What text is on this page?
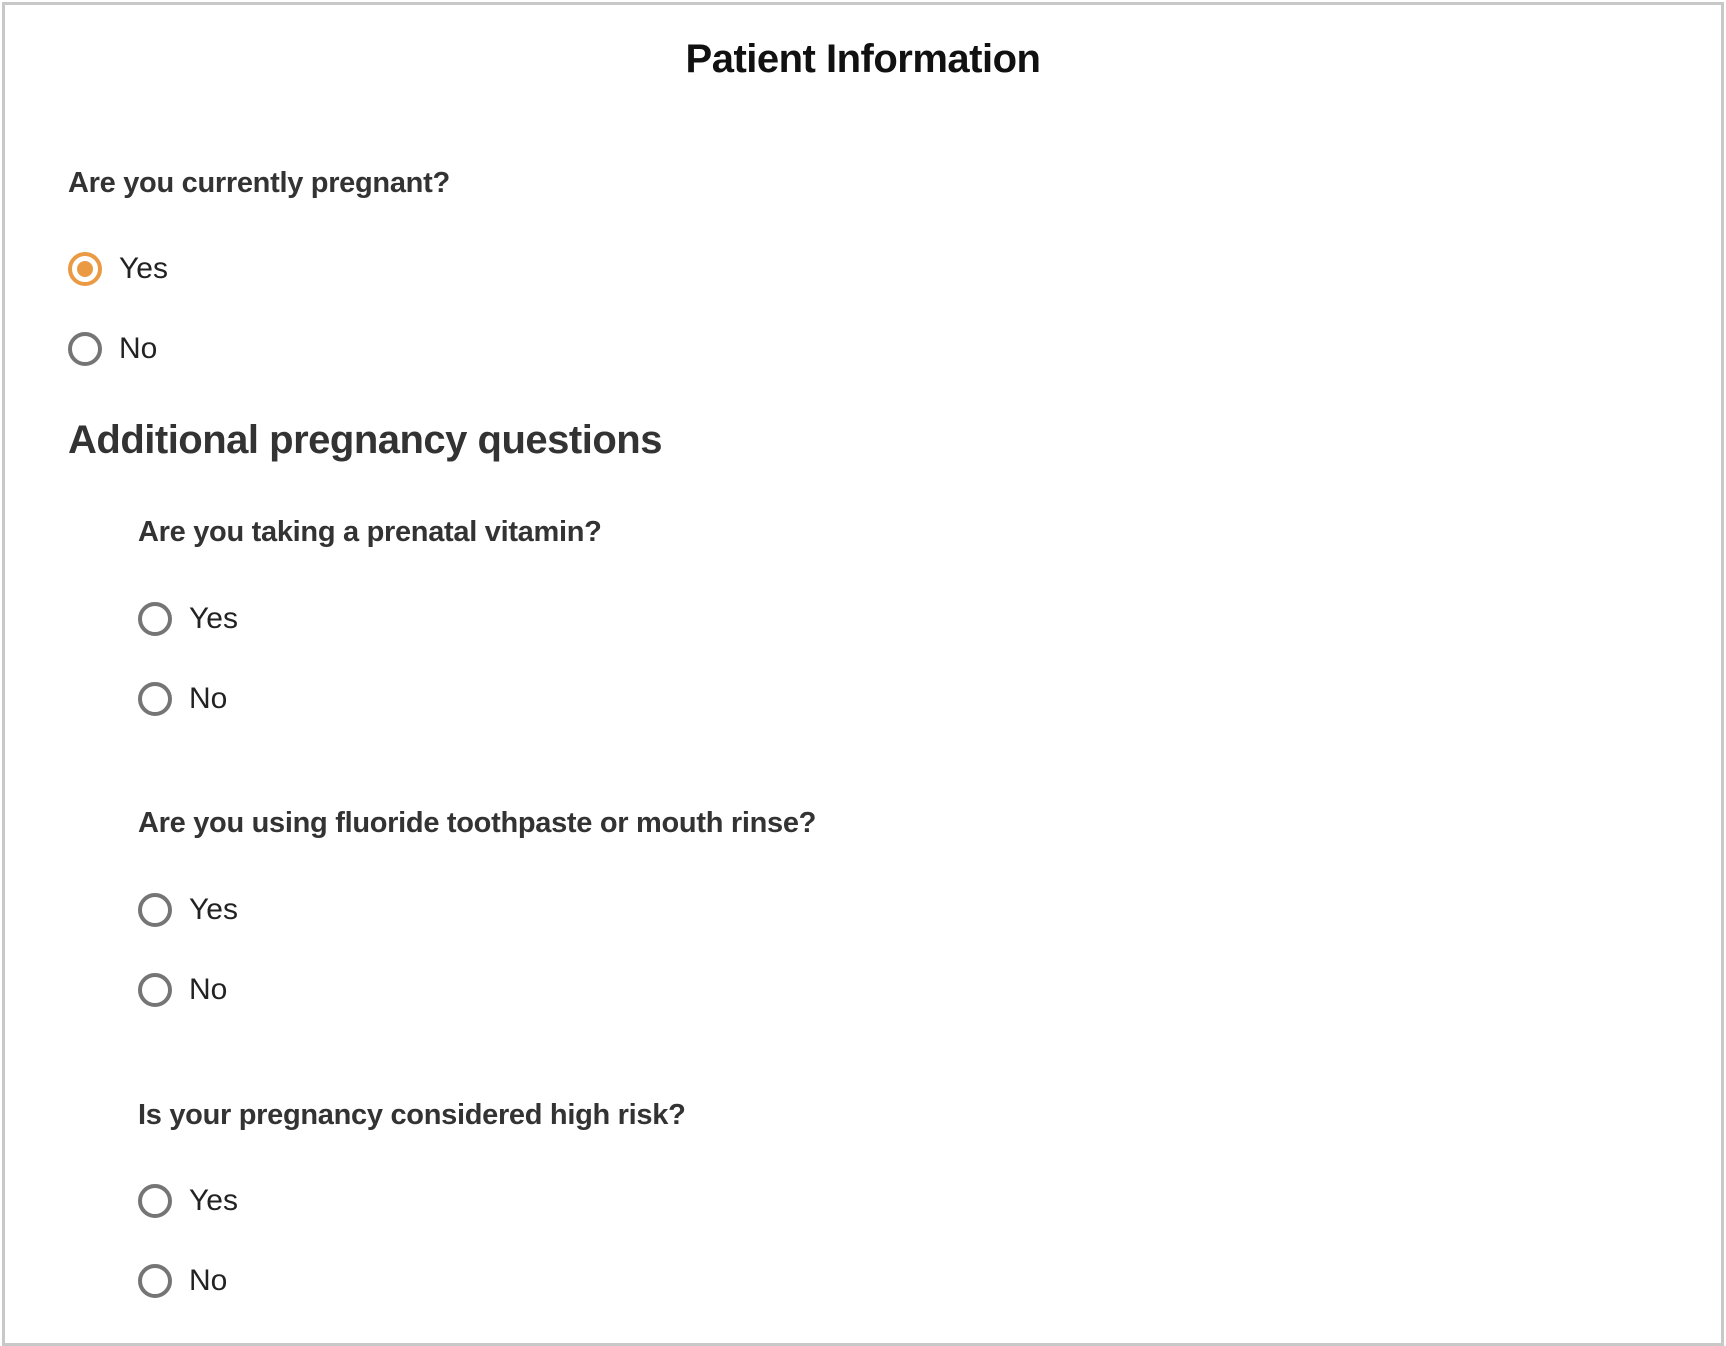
Patient Information
Are you currently pregnant?
Yes
No
Additional pregnancy questions
Are you taking a prenatal vitamin?
Yes
No
Are you using fluoride toothpaste or mouth rinse?
Yes
No
Is your pregnancy considered high risk?
Yes
No
